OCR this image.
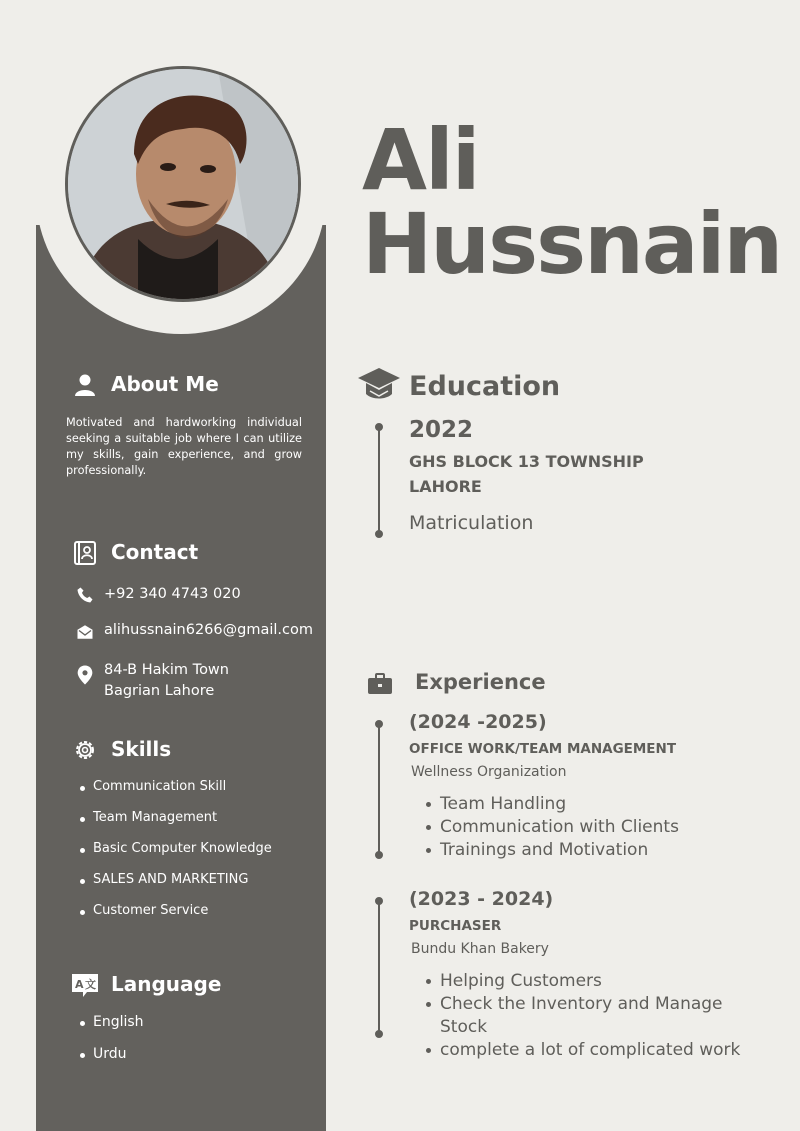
Ali
Hussnain
About Me
Motivated and hardworking individual seeking a suitable job where I can utilize my skills, gain experience, and grow professionally.
Contact
+92 340 4743 020
alihussnain6266@gmail.com
84-B Hakim Town
Bagrian Lahore
Skills
Communication Skill
Team Management
Basic Computer Knowledge
SALES AND MARKETING
Customer Service
A 文 Language
English
Urdu
Education
2022
GHS BLOCK 13 TOWNSHIP
LAHORE
Matriculation
Experience
(2024 -2025)
OFFICE WORK/TEAM MANAGEMENT
Wellness Organization
Team Handling
Communication with Clients
Trainings and Motivation
(2023 - 2024)
PURCHASER
Bundu Khan Bakery
Helping Customers
Check the Inventory and Manage Stock
complete a lot of complicated work
